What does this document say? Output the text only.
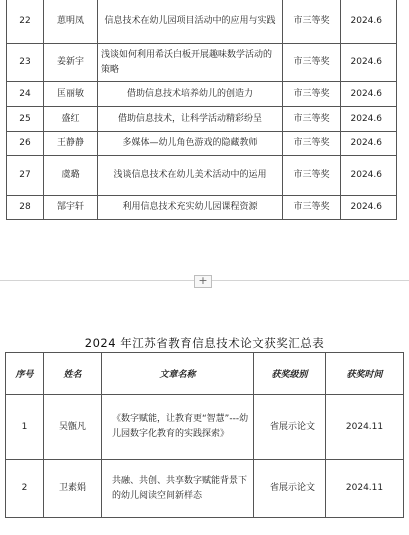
22	葸明凤	信息技术在幼儿园项目活动中的应用与实践	市三等奖	2024.6
23	姜新宇	浅谈如何利用希沃白板开展趣味数学活动的策略	市三等奖	2024.6
24	匡丽敏	借助信息技术培养幼儿的创造力	市三等奖	2024.6
25	盛红	借助信息技术，让科学活动精彩纷呈	市三等奖	2024.6
26	王静静	多媒体—幼儿角色游戏的隐藏教师	市三等奖	2024.6
27	虞璐	浅谈信息技术在幼儿美术活动中的运用	市三等奖	2024.6
28	郜宇轩	利用信息技术充实幼儿园课程资源	市三等奖	2024.6
+
2024 年江苏省教育信息技术论文获奖汇总表
序号	姓名	文章名称	获奖级别	获奖时间
1	吴甑凡	《数字赋能，让教育更“智慧”---幼儿园数字化教育的实践探索》	省展示论文	2024.11
2	卫素娟	共融、共创、共享数字赋能背景下的幼儿阅读空间新样态	省展示论文	2024.11
